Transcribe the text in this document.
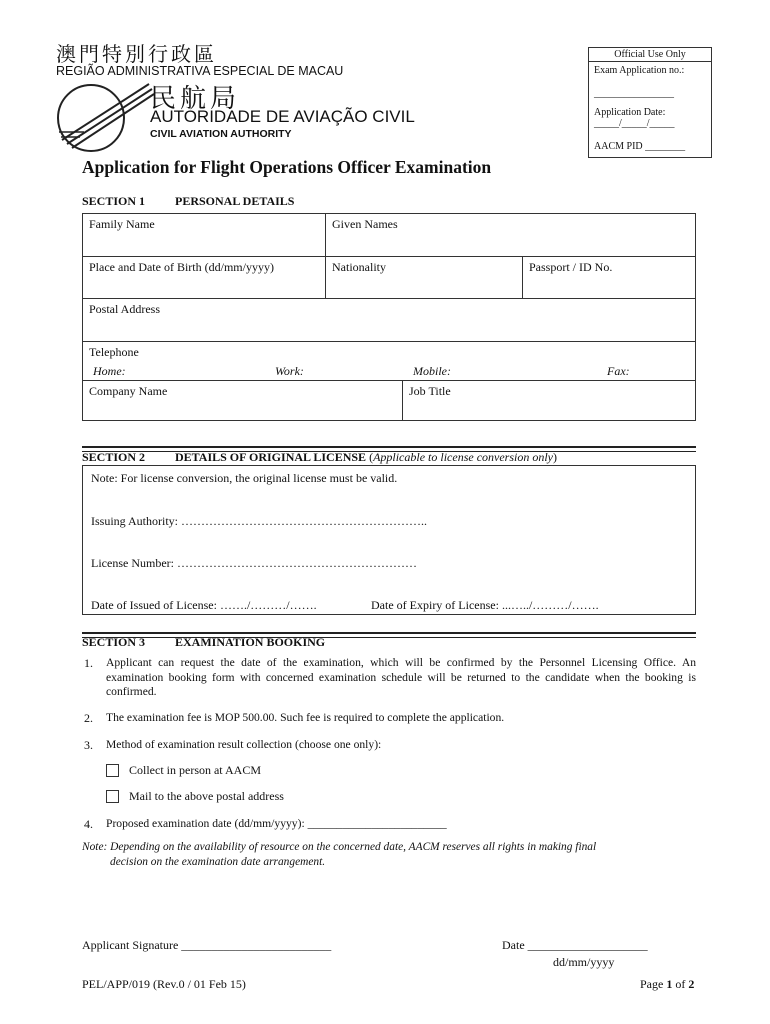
澳門特別行政區
REGIÃO ADMINISTRATIVA ESPECIAL DE MACAU
民航局
AUTORIDADE DE AVIAÇÃO CIVIL
CIVIL AVIATION AUTHORITY
Official Use Only
Exam Application no.:
________________
Application Date:
_____/_____/_____
AACM PID ________
Application for Flight Operations Officer Examination
SECTION 1 PERSONAL DETAILS
Family Name	Given Names
Place and Date of Birth (dd/mm/yyyy)	Nationality	Passport / ID No.
Postal Address
Telephone
Home:	Work:	Mobile:	Fax:
Company Name	Job Title
SECTION 2 DETAILS OF ORIGINAL LICENSE (Applicable to license conversion only)
Note: For license conversion, the original license must be valid.
Issuing Authority: ……………………………………………………..
License Number: ……………………………………………………
Date of Issued of License: ……./………/…….	Date of Expiry of License: ...…../………/…….
SECTION 3 EXAMINATION BOOKING
1. Applicant can request the date of the examination, which will be confirmed by the Personnel Licensing Office. An examination booking form with concerned examination schedule will be returned to the candidate when the booking is confirmed.
2. The examination fee is MOP 500.00. Such fee is required to complete the application.
3. Method of examination result collection (choose one only):
Collect in person at AACM
Mail to the above postal address
4. Proposed examination date (dd/mm/yyyy): ________________________
Note: Depending on the availability of resource on the concerned date, AACM reserves all rights in making final
decision on the examination date arrangement.
Applicant Signature _________________________	Date ____________________
dd/mm/yyyy
PEL/APP/019 (Rev.0 / 01 Feb 15)	Page 1 of 2
